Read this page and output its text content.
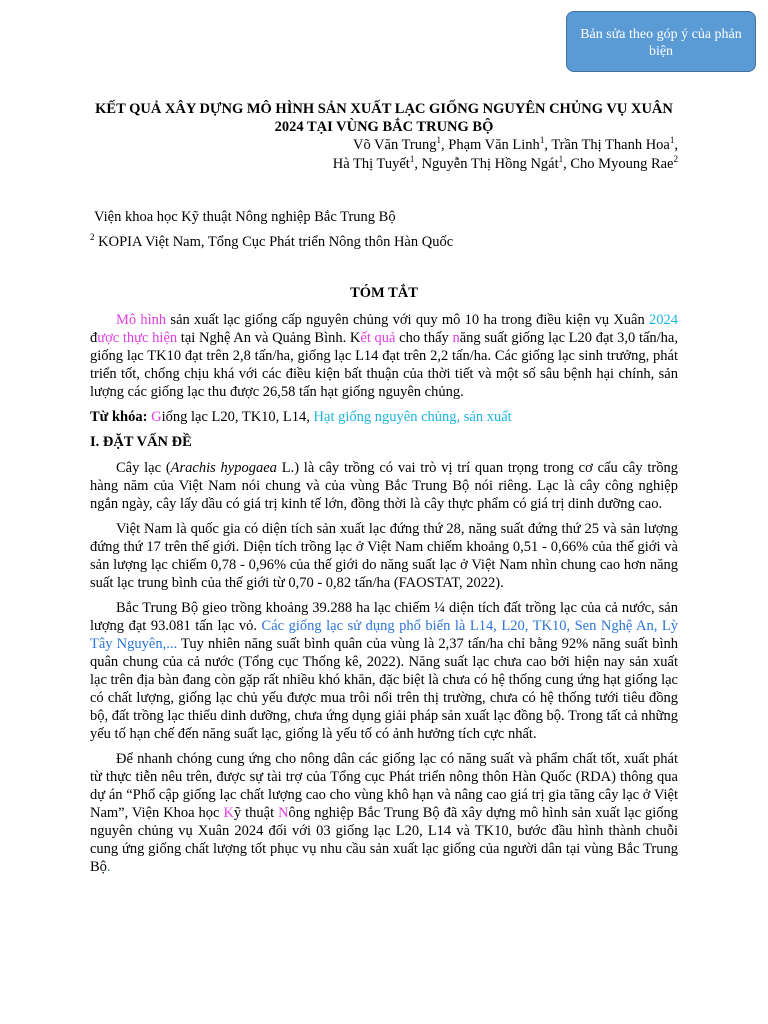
Bản sửa theo góp ý của phản biện
KẾT QUẢ XÂY DỰNG MÔ HÌNH SẢN XUẤT LẠC GIỐNG NGUYÊN CHỦNG VỤ XUÂN 2024 TẠI VÙNG BẮC TRUNG BỘ
Võ Văn Trung$^1$, Phạm Văn Linh$^1$, Trần Thị Thanh Hoa$^1$,
Hà Thị Tuyết$^1$, Nguyễn Thị Hồng Ngát$^1$, Cho Myoung Rae$^2$
Viện khoa học Kỹ thuật Nông nghiệp Bắc Trung Bộ
$^2$ KOPIA Việt Nam, Tổng Cục Phát triển Nông thôn Hàn Quốc
TÓM TẮT

Mô hình sản xuất lạc giống cấp nguyên chủng với quy mô 10 ha trong điều kiện vụ Xuân 2024 được thực hiện tại Nghệ An và Quảng Bình. Kết quả cho thấy năng suất giống lạc L20 đạt 3,0 tấn/ha, giống lạc TK10 đạt trên 2,8 tấn/ha, giống lạc L14 đạt trên 2,2 tấn/ha. Các giống lạc sinh trưởng, phát triển tốt, chống chịu khá với các điều kiện bất thuận của thời tiết và một số sâu bệnh hại chính, sản lượng các giống lạc thu được 26,58 tấn hạt giống nguyên chủng.

Từ khóa: Giống lạc L20, TK10, L14, Hạt giống nguyên chủng, sản xuất

I. ĐẶT VẤN ĐỀ

Cây lạc (Arachis hypogaea L.) là cây trồng có vai trò vị trí quan trọng trong cơ cấu cây trồng hàng năm của Việt Nam nói chung và của vùng Bắc Trung Bộ nói riêng. Lạc là cây công nghiệp ngắn ngày, cây lấy dầu có giá trị kinh tế lớn, đồng thời là cây thực phẩm có giá trị dinh dưỡng cao.

Việt Nam là quốc gia có diện tích sản xuất lạc đứng thứ 28, năng suất đứng thứ 25 và sản lượng đứng thứ 17 trên thế giới. Diện tích trồng lạc ở Việt Nam chiếm khoảng 0,51 - 0,66% của thế giới và sản lượng lạc chiếm 0,78 - 0,96% của thế giới do năng suất lạc ở Việt Nam nhìn chung cao hơn năng suất lạc trung bình của thế giới từ 0,70 - 0,82 tấn/ha (FAOSTAT, 2022).

Bắc Trung Bộ gieo trồng khoảng 39.288 ha lạc chiếm ¼ diện tích đất trồng lạc của cả nước, sản lượng đạt 93.081 tấn lạc vỏ. Các giống lạc sử dụng phổ biến là L14, L20, TK10, Sen Nghệ An, Lỳ Tây Nguyên,... Tuy nhiên năng suất bình quân của vùng là 2,37 tấn/ha chỉ bằng 92% năng suất bình quân chung của cả nước (Tổng cục Thống kê, 2022). Năng suất lạc chưa cao bởi hiện nay sản xuất lạc trên địa bàn đang còn gặp rất nhiều khó khăn, đặc biệt là chưa có hệ thống cung ứng hạt giống lạc có chất lượng, giống lạc chủ yếu được mua trôi nổi trên thị trường, chưa có hệ thống tưới tiêu đồng bộ, đất trồng lạc thiếu dinh dưỡng, chưa ứng dụng giải pháp sản xuất lạc đồng bộ. Trong tất cả những yếu tố hạn chế đến năng suất lạc, giống là yếu tố có ảnh hưởng tích cực nhất.

Để nhanh chóng cung ứng cho nông dân các giống lạc có năng suất và phẩm chất tốt, xuất phát từ thực tiễn nêu trên, được sự tài trợ của Tổng cục Phát triển nông thôn Hàn Quốc (RDA) thông qua dự án “Phổ cập giống lạc chất lượng cao cho vùng khô hạn và nâng cao giá trị gia tăng cây lạc ở Việt Nam”, Viện Khoa học Kỹ thuật Nông nghiệp Bắc Trung Bộ đã xây dựng mô hình sản xuất lạc giống nguyên chủng vụ Xuân 2024 đối với 03 giống lạc L20, L14 và TK10, bước đầu hình thành chuỗi cung ứng giống chất lượng tốt phục vụ nhu cầu sản xuất lạc giống của người dân tại vùng Bắc Trung Bộ.
